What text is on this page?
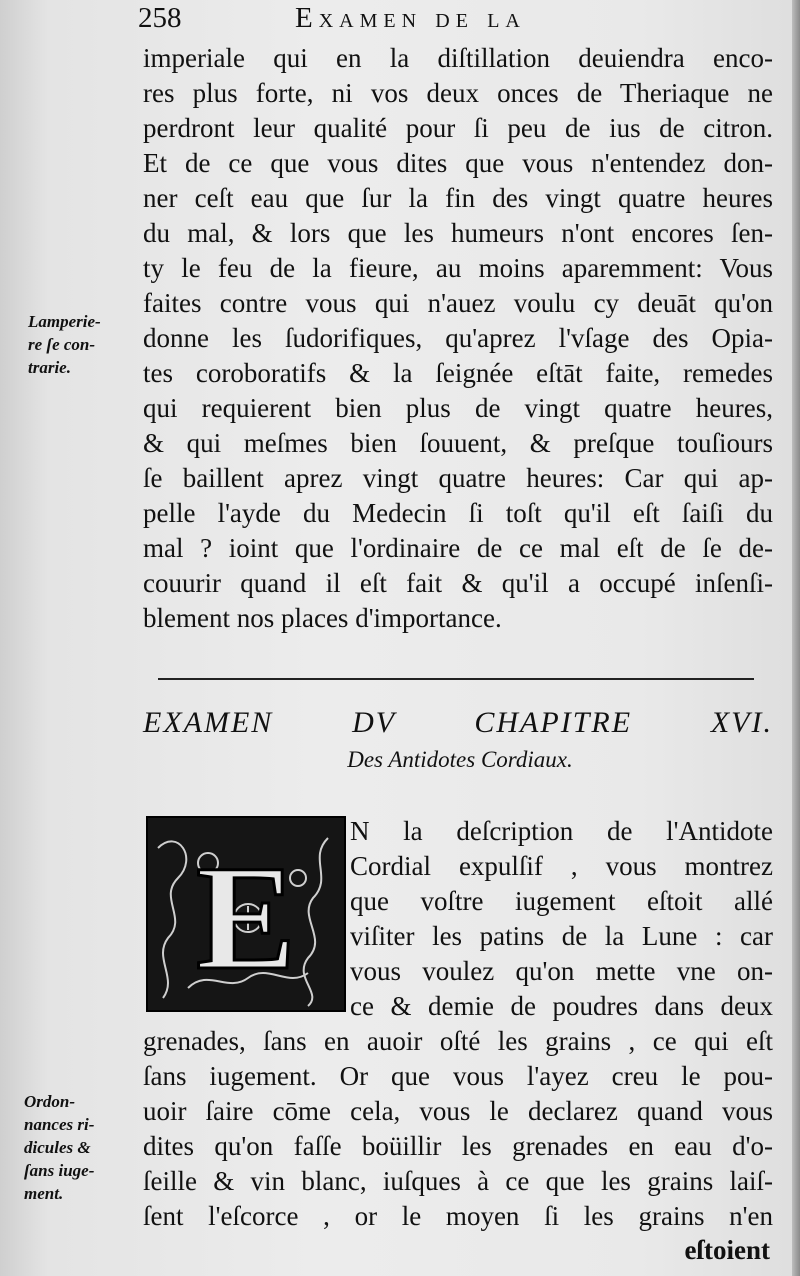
258	Examen de la
imperiale qui en la diſtillation deuiendra enco-
res plus forte, ni vos deux onces de Theriaque ne
perdront leur qualité pour ſi peu de ius de citron.
Et de ce que vous dites que vous n'entendez don-
ner ceſt eau que ſur la fin des vingt quatre heures
du mal, & lors que les humeurs n'ont encores ſen-
ty le feu de la fieure, au moins aparemment: Vous
faites contre vous qui n'auez voulu cy deuāt qu'on
donne les ſudorifiques, qu'aprez l'vſage des Opia-
tes coroboratifs & la ſeignée eſtāt faite, remedes
qui requierent bien plus de vingt quatre heures,
& qui meſmes bien ſouuent, & preſque touſiours
ſe baillent aprez vingt quatre heures: Car qui ap-
pelle l'ayde du Medecin ſi toſt qu'il eſt ſaiſi du
mal ? ioint que l'ordinaire de ce mal eſt de ſe de-
couurir quand il eſt fait & qu'il a occupé inſenſi-
blement nos places d'importance.
Lamperie-
re ſe con-
trarie.
EXAMEN DV CHAPITRE XVI.
Des Antidotes Cordiaux.
E
N la deſcription de l'Antidote
Cordial expulſif , vous montrez
que voſtre iugement eſtoit allé
viſiter les patins de la Lune : car
vous voulez qu'on mette vne on-
ce & demie de poudres dans deux
grenades, ſans en auoir oſté les grains , ce qui eſt
ſans iugement. Or que vous l'ayez creu le pou-
uoir ſaire cōme cela, vous le declarez quand vous
dites qu'on faſſe boüillir les grenades en eau d'o-
ſeille & vin blanc, iuſques à ce que les grains laiſ-
ſent l'eſcorce , or le moyen ſi les grains n'en
Ordon-
nances ri-
dicules &
ſans iuge-
ment.
eſtoient
